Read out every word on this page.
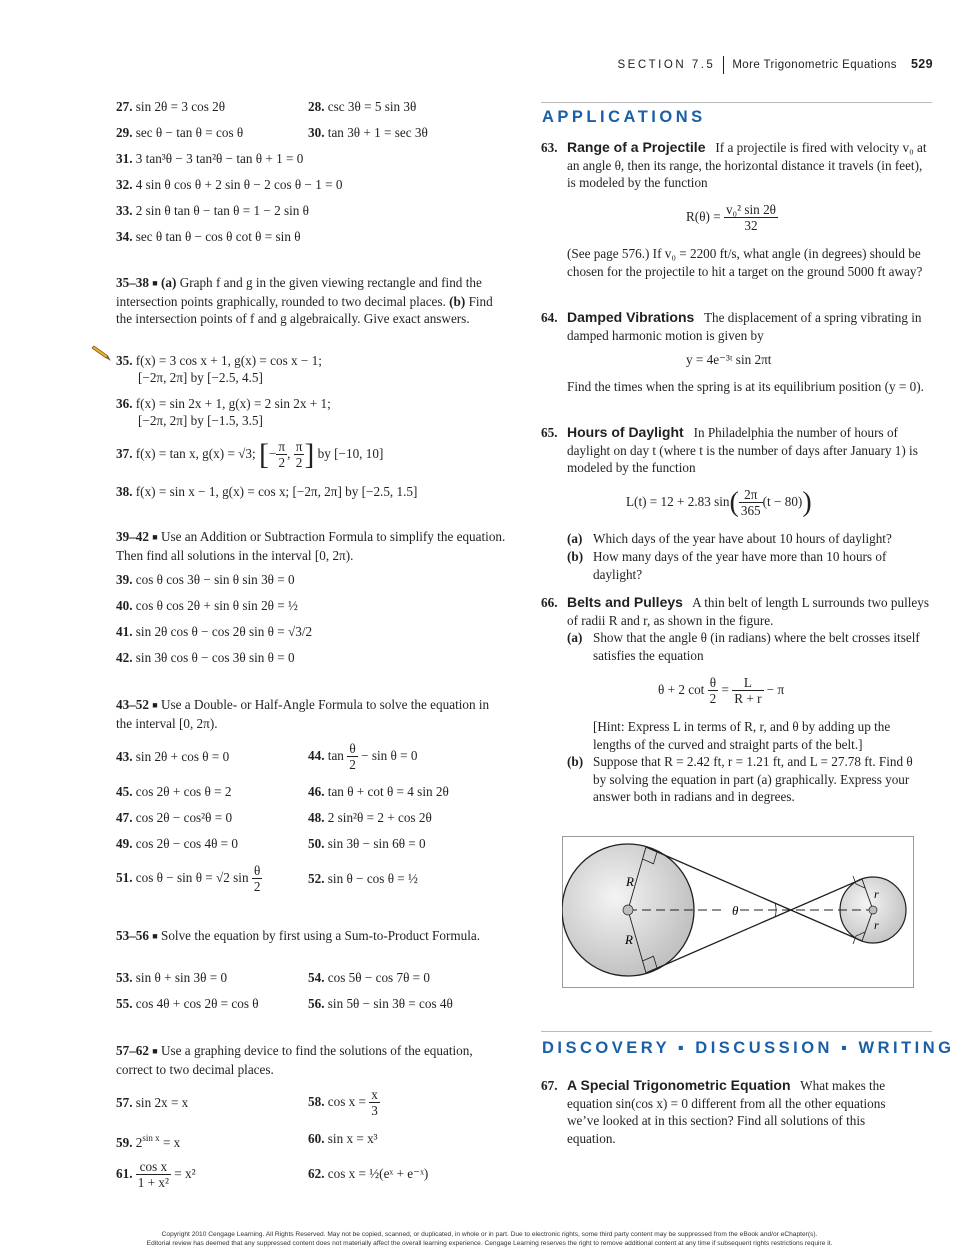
SECTION 7.5 More Trigonometric Equations 529
27. sin 2θ = 3 cos 2θ	28. csc 3θ = 5 sin 3θ
29. sec θ − tan θ = cos θ	30. tan 3θ + 1 = sec 3θ
31. 3 tan³θ − 3 tan²θ − tan θ + 1 = 0
32. 4 sin θ cos θ + 2 sin θ − 2 cos θ − 1 = 0
33. 2 sin θ tan θ − tan θ = 1 − 2 sin θ
34. sec θ tan θ − cos θ cot θ = sin θ
35–38 ■ (a) Graph f and g in the given viewing rectangle and find the intersection points graphically, rounded to two decimal places. (b) Find the intersection points of f and g algebraically. Give exact answers.
35. f(x) = 3 cos x + 1, g(x) = cos x − 1;
[−2π, 2π] by [−2.5, 4.5]
36. f(x) = sin 2x + 1, g(x) = 2 sin 2x + 1;
[−2π, 2π] by [−1.5, 3.5]
37. f(x) = tan x, g(x) = √3; [− $\frac{\pi}{2}$ , $\frac{\pi}{2}$ ] by [−10, 10]
38. f(x) = sin x − 1, g(x) = cos x; [−2π, 2π] by [−2.5, 1.5]
39–42 ■ Use an Addition or Subtraction Formula to simplify the equation. Then find all solutions in the interval [0, 2π).
39. cos θ cos 3θ − sin θ sin 3θ = 0
40. cos θ cos 2θ + sin θ sin 2θ = ½
41. sin 2θ cos θ − cos 2θ sin θ = √3/2
42. sin 3θ cos θ − cos 3θ sin θ = 0
43–52 ■ Use a Double- or Half-Angle Formula to solve the equation in the interval [0, 2π).
43. sin 2θ + cos θ = 0	44. $\tan \frac{\theta}{2} - \sin \theta = 0$
45. cos 2θ + cos θ = 2	46. tan θ + cot θ = 4 sin 2θ
47. cos 2θ − cos²θ = 0	48. 2 sin²θ = 2 + cos 2θ
49. cos 2θ − cos 4θ = 0	50. sin 3θ − sin 6θ = 0
51. cos θ − sin θ = √2 $\sin \frac{\theta}{2}$	52. sin θ − cos θ = ½
53–56 ■ Solve the equation by first using a Sum-to-Product Formula.
53. sin θ + sin 3θ = 0	54. cos 5θ − cos 7θ = 0
55. cos 4θ + cos 2θ = cos θ	56. sin 5θ − sin 3θ = cos 4θ
57–62 ■ Use a graphing device to find the solutions of the equation, correct to two decimal places.
57. sin 2x = x	58. $\cos x = \frac{x}{3}$
59. $2^{sin x} = x$	60. sin x = x³
61. $\frac{\text{cos x}}{\text{1 + x²}} = x^2$	62. cos x = ½(eˣ + e⁻ˣ)
APPLICATIONS
63. Range of a Projectile If a projectile is fired with velocity v₀ at an angle θ, then its range, the horizontal distance it travels (in feet), is modeled by the function
$R(\theta) = \frac{\text{v₀² sin 2θ}}{32}$
(See page 576.) If v₀ = 2200 ft/s, what angle (in degrees) should be chosen for the projectile to hit a target on the ground 5000 ft away?
64. Damped Vibrations The displacement of a spring vibrating in damped harmonic motion is given by
y = 4e⁻³ᵗ sin 2πt
Find the times when the spring is at its equilibrium position (y = 0).
65. Hours of Daylight In Philadelphia the number of hours of daylight on day t (where t is the number of days after January 1) is modeled by the function
L(t) = 12 + 2.83 $\sin( \frac{2\pi}{365} (t - 80))$
(a) Which days of the year have about 10 hours of daylight?
(b) How many days of the year have more than 10 hours of daylight?
66. Belts and Pulleys A thin belt of length L surrounds two pulleys of radii R and r, as shown in the figure.
(a) Show that the angle θ (in radians) where the belt crosses itself satisfies the equation
θ + 2 $\cot \frac{\theta}{2} = \frac{L}{R + r} - \pi$
[Hint: Express L in terms of R, r, and θ by adding up the lengths of the curved and straight parts of the belt.]
(b) Suppose that R = 2.42 ft, r = 1.21 ft, and L = 27.78 ft. Find θ by solving the equation in part (a) graphically. Express your answer both in radians and in degrees.
θ
R
R
r
r
DISCOVERY ▪ DISCUSSION ▪ WRITING
67. A Special Trigonometric Equation What makes the equation sin(cos x) = 0 different from all the other equations we’ve looked at in this section? Find all solutions of this equation.
Copyright 2010 Cengage Learning. All Rights Reserved. May not be copied, scanned, or duplicated, in whole or in part. Due to electronic rights, some third party content may be suppressed from the eBook and/or eChapter(s).
Editorial review has deemed that any suppressed content does not materially affect the overall learning experience. Cengage Learning reserves the right to remove additional content at any time if subsequent rights restrictions require it.
